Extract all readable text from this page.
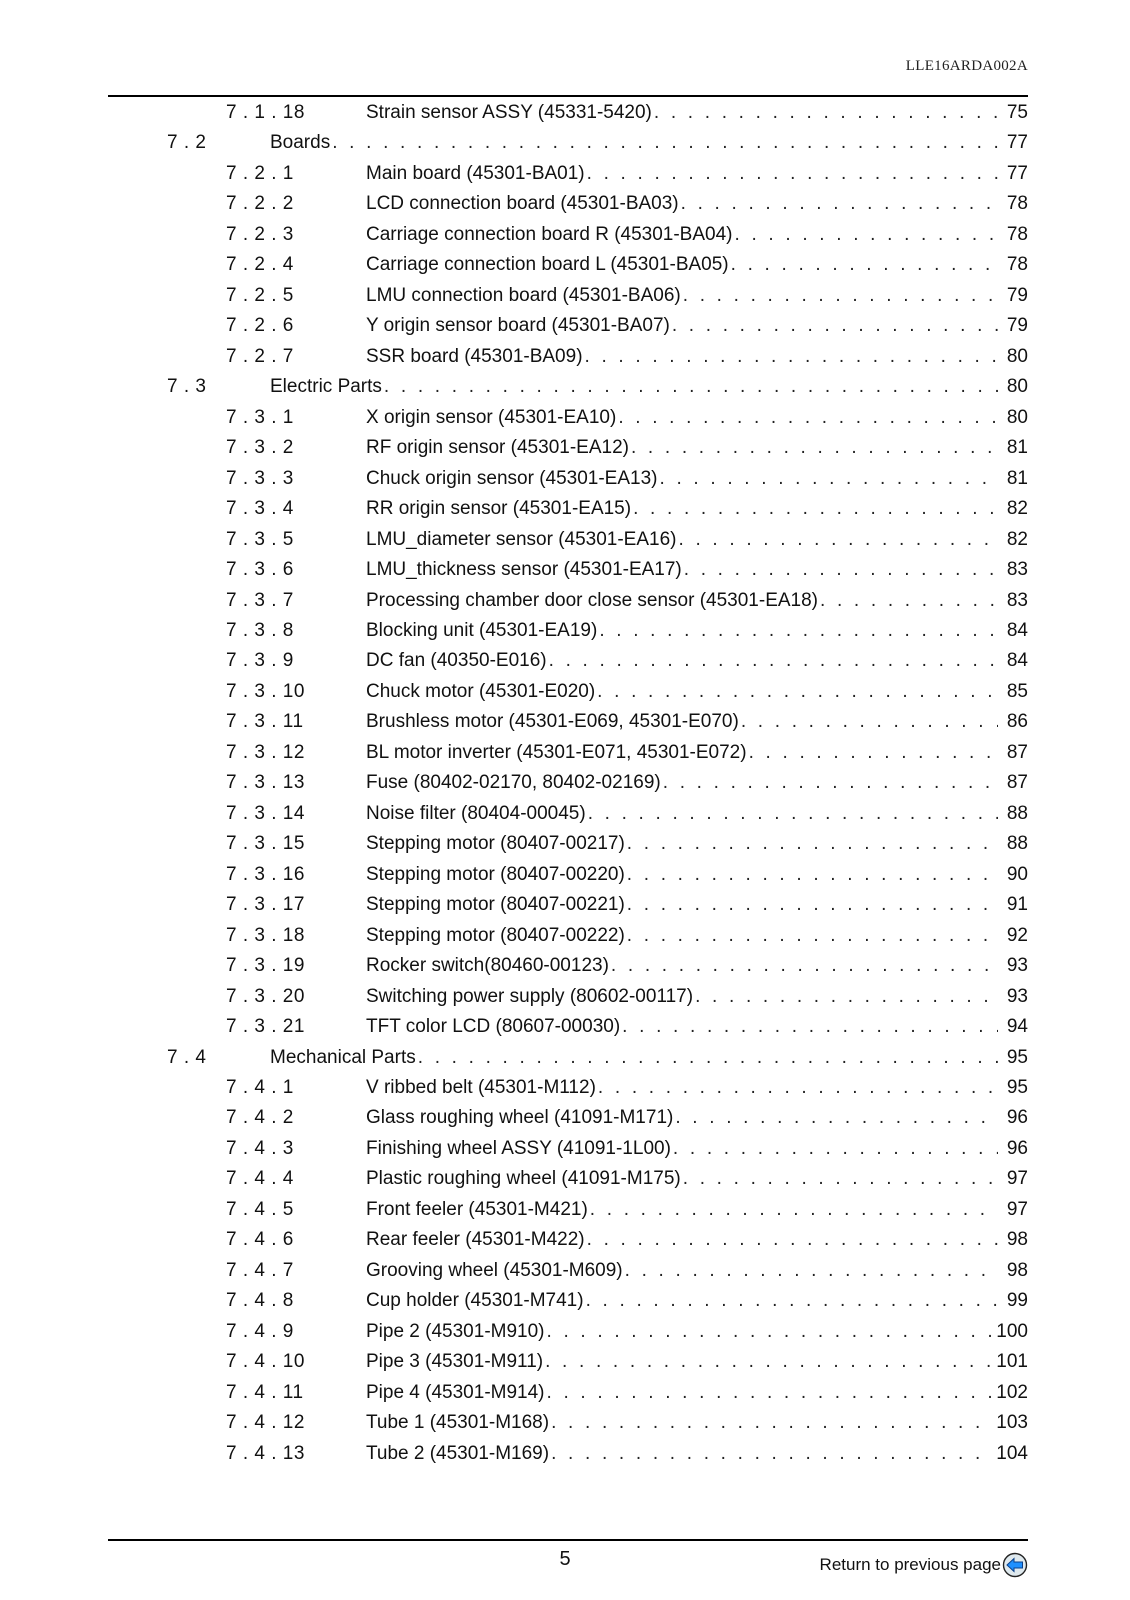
LLE16ARDA002A
7 . 1 . 18	Strain sensor ASSY (45331-5420) . . .	75
7 . 2	Boards . . .	77
7 . 2 . 1	Main board (45301-BA01) . . .	77
7 . 2 . 2	LCD connection board (45301-BA03) . . .	78
7 . 2 . 3	Carriage connection board R (45301-BA04) . . .	78
7 . 2 . 4	Carriage connection board L (45301-BA05) . . .	78
7 . 2 . 5	LMU connection board (45301-BA06) . . .	79
7 . 2 . 6	Y origin sensor board (45301-BA07) . . .	79
7 . 2 . 7	SSR board (45301-BA09) . . .	80
7 . 3	Electric Parts . . .	80
7 . 3 . 1	X origin sensor (45301-EA10) . . .	80
7 . 3 . 2	RF origin sensor (45301-EA12) . . .	81
7 . 3 . 3	Chuck origin sensor (45301-EA13) . . .	81
7 . 3 . 4	RR origin sensor (45301-EA15) . . .	82
7 . 3 . 5	LMU_diameter sensor (45301-EA16) . . .	82
7 . 3 . 6	LMU_thickness sensor (45301-EA17) . . .	83
7 . 3 . 7	Processing chamber door close sensor (45301-EA18) . . .	83
7 . 3 . 8	Blocking unit (45301-EA19) . . .	84
7 . 3 . 9	DC fan (40350-E016) . . .	84
7 . 3 . 10	Chuck motor (45301-E020) . . .	85
7 . 3 . 11	Brushless motor (45301-E069, 45301-E070) . . .	86
7 . 3 . 12	BL motor inverter (45301-E071, 45301-E072) . . .	87
7 . 3 . 13	Fuse (80402-02170, 80402-02169) . . .	87
7 . 3 . 14	Noise filter (80404-00045) . . .	88
7 . 3 . 15	Stepping motor (80407-00217) . . .	88
7 . 3 . 16	Stepping motor (80407-00220) . . .	90
7 . 3 . 17	Stepping motor (80407-00221) . . .	91
7 . 3 . 18	Stepping motor (80407-00222) . . .	92
7 . 3 . 19	Rocker switch(80460-00123) . . .	93
7 . 3 . 20	Switching power supply (80602-00117) . . .	93
7 . 3 . 21	TFT color LCD (80607-00030) . . .	94
7 . 4	Mechanical Parts . . .	95
7 . 4 . 1	V ribbed belt (45301-M112) . . .	95
7 . 4 . 2	Glass roughing wheel (41091-M171) . . .	96
7 . 4 . 3	Finishing wheel ASSY (41091-1L00) . . .	96
7 . 4 . 4	Plastic roughing wheel (41091-M175) . . .	97
7 . 4 . 5	Front feeler (45301-M421) . . .	97
7 . 4 . 6	Rear feeler (45301-M422) . . .	98
7 . 4 . 7	Grooving wheel (45301-M609) . . .	98
7 . 4 . 8	Cup holder (45301-M741) . . .	99
7 . 4 . 9	Pipe 2 (45301-M910) . . .	100
7 . 4 . 10	Pipe 3 (45301-M911) . . .	101
7 . 4 . 11	Pipe 4 (45301-M914) . . .	102
7 . 4 . 12	Tube 1 (45301-M168) . . .	103
7 . 4 . 13	Tube 2 (45301-M169) . . .	104
5	Return to previous page
